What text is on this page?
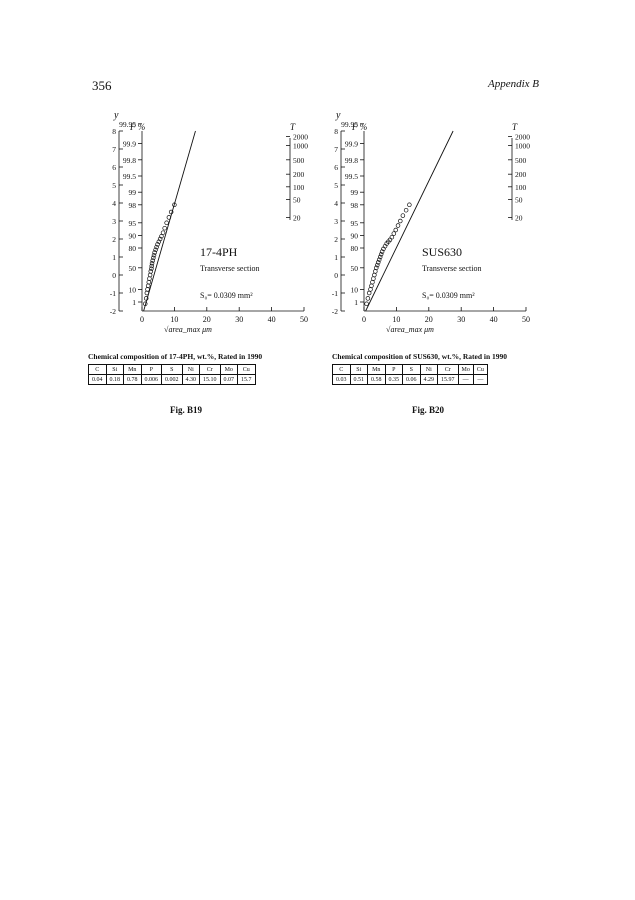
356	Appendix B
y
F %	T
8
7
6
5
4
3
2
1
0
-1
-2
99.95
99.9
99.8
99.5
99
98
95
90
80
50
10
1
2000
1000
500
200
100
50
20
0	10	20	30	40	50
17-4PH
Transverse section
S₀= 0.0309 mm²
√area_max μm
Chemical composition of 17-4PH, wt.%, Rated in 1990
C	Si	Mn	P	S	Ni	Cr	Mo	Cu
0.04	0.18	0.78	0.006	0.002	4.30	15.10	0.07	15.7
Fig. B19
y
F %	T
8
7
6
5
4
3
2
1
0
-1
-2
99.95
99.9
99.8
99.5
99
98
95
90
80
50
10
1
2000
1000
500
200
100
50
20
0	10	20	30	40	50
SUS630
Transverse section
S₀= 0.0309 mm²
√area_max μm
Chemical composition of SUS630, wt.%, Rated in 1990
C	Si	Mn	P	S	Ni	Cr	Mo	Cu
0.03	0.51	0.58	0.35	0.06	4.29	15.97	—	—
Fig. B20
